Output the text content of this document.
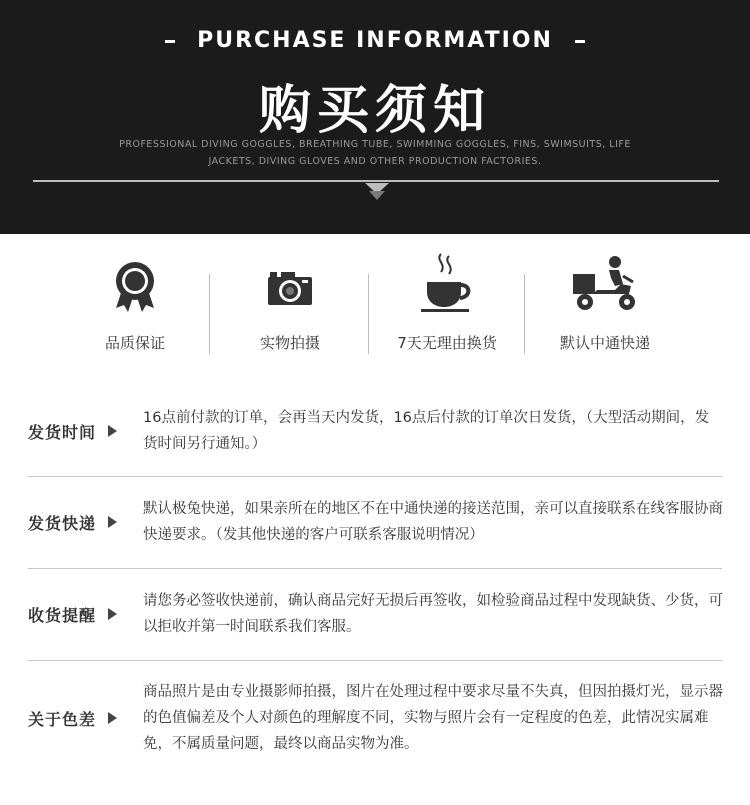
PURCHASE INFORMATION
购买须知
PROFESSIONAL DIVING GOGGLES, BREATHING TUBE, SWIMMING GOGGLES, FINS, SWIMSUITS, LIFE
JACKETS, DIVING GLOVES AND OTHER PRODUCTION FACTORIES.
品质保证	实物拍摄	7天无理由换货	默认中通快递
发货时间
16点前付款的订单，会再当天内发货，16点后付款的订单次日发货，（大型活动期间，发货时间另行通知。）
发货快递
默认极兔快递，如果亲所在的地区不在中通快递的接送范围，亲可以直接联系在线客服协商快递要求。（发其他快递的客户可联系客服说明情况）
收货提醒
请您务必签收快递前，确认商品完好无损后再签收，如检验商品过程中发现缺货、少货，可以拒收并第一时间联系我们客服。
关于色差
商品照片是由专业摄影师拍摄，图片在处理过程中要求尽量不失真，但因拍摄灯光，显示器的色值偏差及个人对颜色的理解度不同，实物与照片会有一定程度的色差，此情况实属难免，不属质量问题，最终以商品实物为准。
